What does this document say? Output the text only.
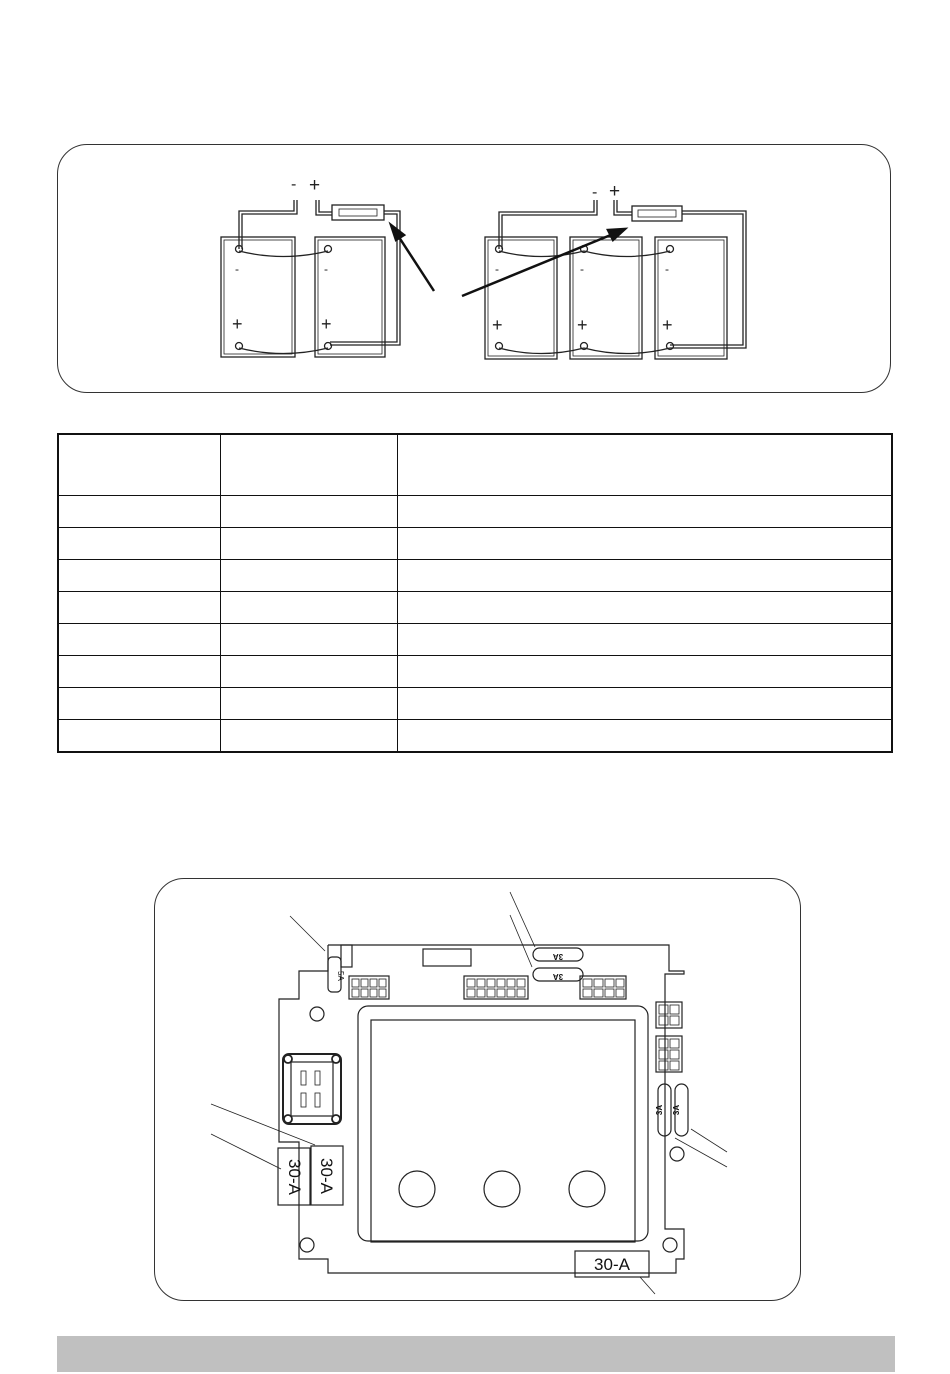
- +	- +
-	-
+	+
-	-	-
+	+	+

5A
3A
3A
3A 3A
30-A 30-A
30-A
